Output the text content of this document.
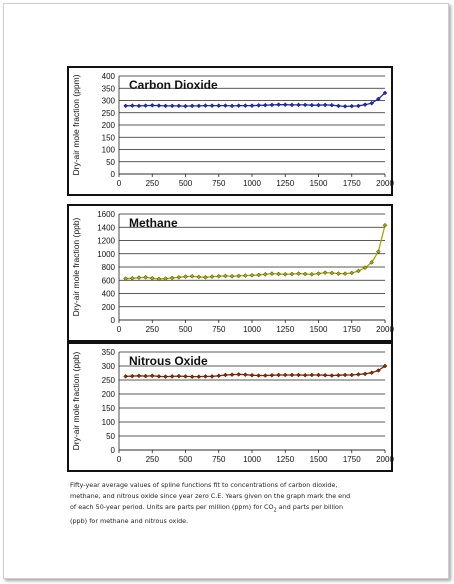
0
50
100
150
200
250
300
350
400
0	250 500 750 1000 1250 1500 1750 2000
Dry-air mole fraction (ppm)	Carbon Dioxide
0
200
400
600
800
1000
1200
1400
1600
0	250 500 750 1000 1250 1500 1750 2000
Dry-air mole fraction (ppb)	Methane
0
50
100
150
200
250
300
350
0	250 500 750 1000 1250 1500 1750 2000
Dry-air mole fraction (ppb)	Nitrous Oxide

Fifty-year average values of spline functions fit to concentrations of carbon dioxide,
methane, and nitrous oxide since year zero C.E. Years given on the graph mark the end
of each 50-year period. Units are parts per million (ppm) for $CO_2$ and parts per billion
(ppb) for methane and nitrous oxide.
